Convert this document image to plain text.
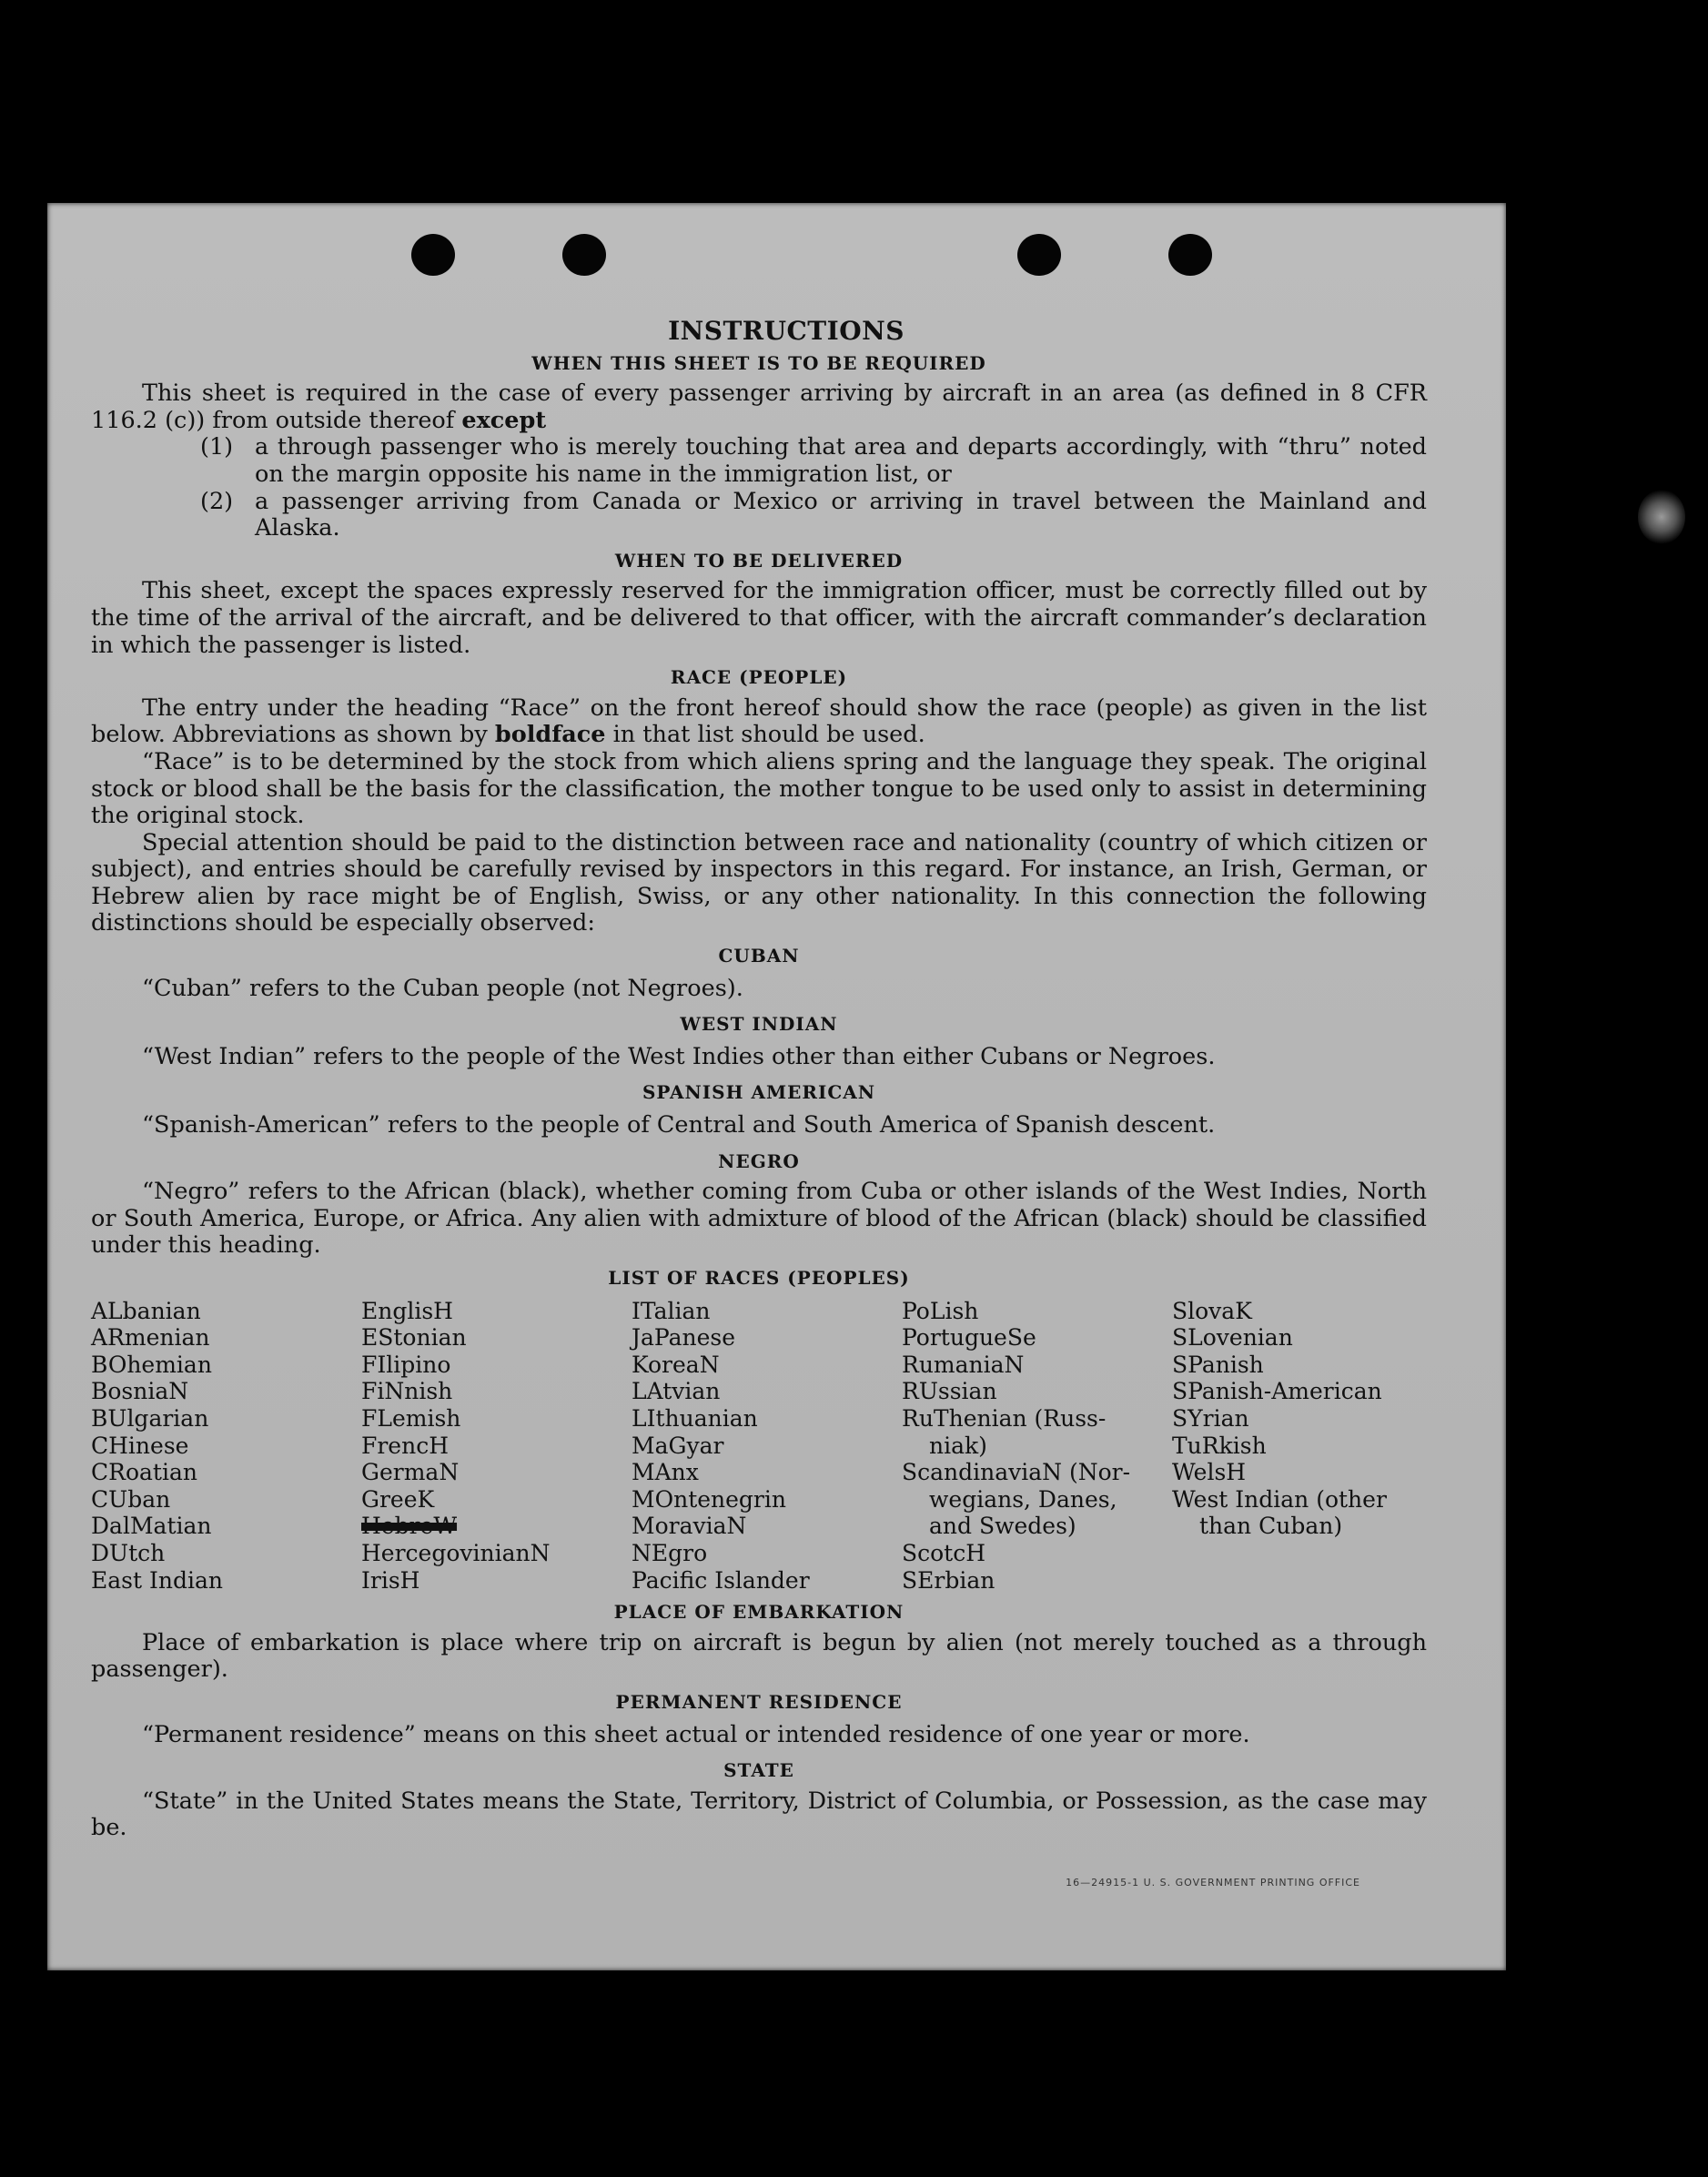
INSTRUCTIONS
WHEN THIS SHEET IS TO BE REQUIRED

This sheet is required in the case of every passenger arriving by aircraft in an area (as defined in 8 CFR 116.2 (c)) from outside thereof except

(1) a through passenger who is merely touching that area and departs accordingly, with “thru” noted on the margin opposite his name in the immigration list, or
(2) a passenger arriving from Canada or Mexico or arriving in travel between the Mainland and Alaska.
WHEN TO BE DELIVERED

This sheet, except the spaces expressly reserved for the immigration officer, must be correctly filled out by the time of the arrival of the aircraft, and be delivered to that officer, with the aircraft commander’s declaration in which the passenger is listed.

RACE (PEOPLE)

The entry under the heading “Race” on the front hereof should show the race (people) as given in the list below. Abbreviations as shown by boldface in that list should be used.

“Race” is to be determined by the stock from which aliens spring and the language they speak. The original stock or blood shall be the basis for the classification, the mother tongue to be used only to assist in determining the original stock.

Special attention should be paid to the distinction between race and nationality (country of which citizen or subject), and entries should be carefully revised by inspectors in this regard. For instance, an Irish, German, or Hebrew alien by race might be of English, Swiss, or any other nationality. In this connection the following distinctions should be especially observed:

CUBAN

“Cuban” refers to the Cuban people (not Negroes).

WEST INDIAN

“West Indian” refers to the people of the West Indies other than either Cubans or Negroes.

SPANISH AMERICAN

“Spanish-American” refers to the people of Central and South America of Spanish descent.

NEGRO

“Negro” refers to the African (black), whether coming from Cuba or other islands of the West Indies, North or South America, Europe, or Africa. Any alien with admixture of blood of the African (black) should be classified under this heading.

LIST OF RACES (PEOPLES)
ALbanian
ARmenian
BOhemian
BosniaN
BUlgarian
CHinese
CRoatian
CUban
DalMatian
DUtch
East Indian
EnglisH
EStonian
FIlipino
FiNnish
FLemish
FrencH
GermaN
GreeK
HebreW
HercegovinianN
IrisH
ITalian
JaPanese
KoreaN
LAtvian
LIthuanian
MaGyar
MAnx
MOntenegrin
MoraviaN
NEgro
Pacific Islander
PoLish
PortugueSe
RumaniaN
RUssian
RuThenian (Russ-
niak)
ScandinaviaN (Nor-
wegians, Danes,
and Swedes)
ScotcH
SErbian
SlovaK
SLovenian
SPanish
SPanish-American
SYrian
TuRkish
WelsH
West Indian (other
than Cuban)
PLACE OF EMBARKATION

Place of embarkation is place where trip on aircraft is begun by alien (not merely touched as a through passenger).

PERMANENT RESIDENCE

“Permanent residence” means on this sheet actual or intended residence of one year or more.

STATE

“State” in the United States means the State, Territory, District of Columbia, or Possession, as the case may be.

16—24915-1 U. S. GOVERNMENT PRINTING OFFICE
